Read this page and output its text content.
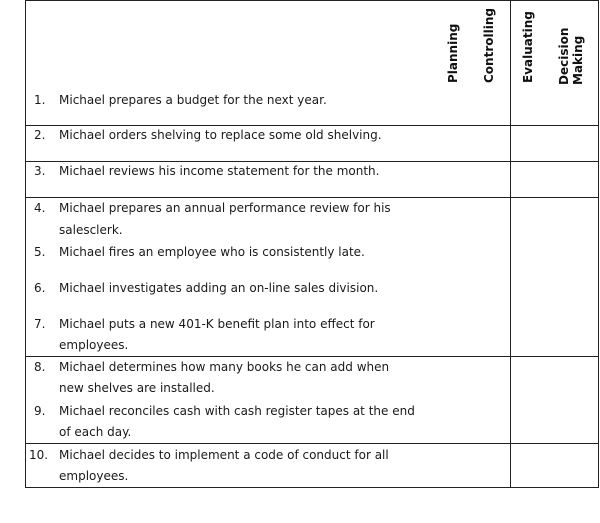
Planning Controlling Evaluating Decision Making
1.	Michael prepares a budget for the next year.
2.	Michael orders shelving to replace some old shelving.
3.	Michael reviews his income statement for the month.
4.	Michael prepares an annual performance review for his
salesclerk.
5.	Michael fires an employee who is consistently late.
6.	Michael investigates adding an on-line sales division.
7.	Michael puts a new 401-K benefit plan into effect for
employees.
8.	Michael determines how many books he can add when
new shelves are installed.
9.	Michael reconciles cash with cash register tapes at the end
of each day.
10. Michael decides to implement a code of conduct for all
employees.
